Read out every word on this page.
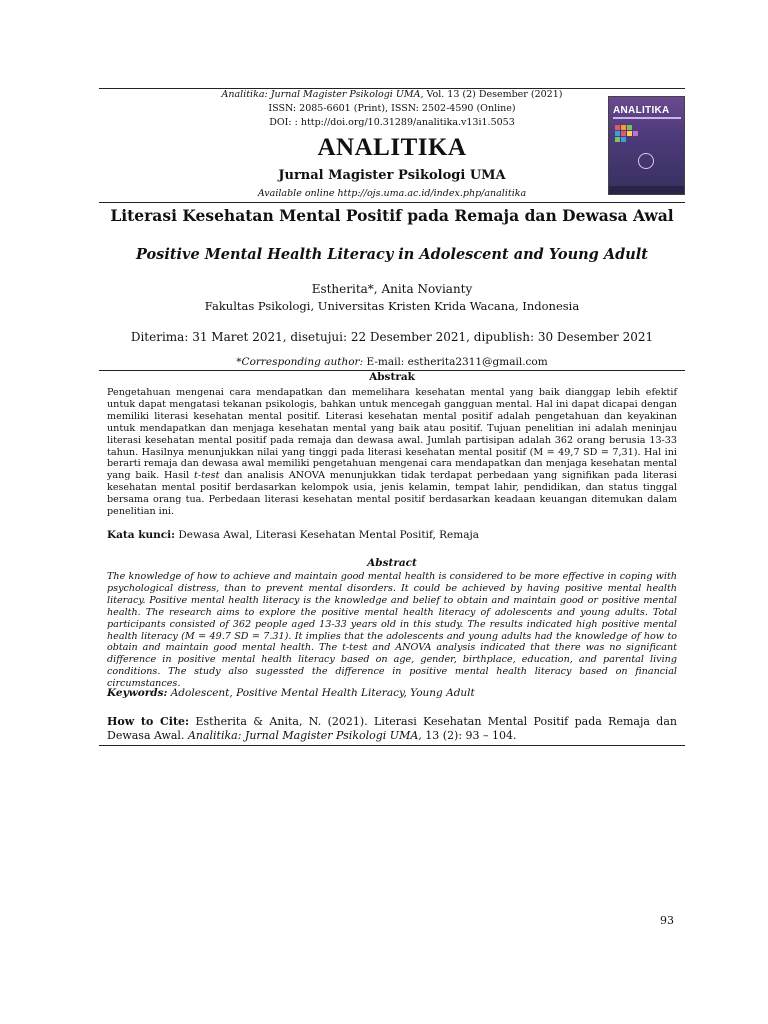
Analitika: Jurnal Magister Psikologi UMA, Vol. 13 (2) Desember (2021)
ISSN: 2085-6601 (Print), ISSN: 2502-4590 (Online)
DOI: : http://doi.org/10.31289/analitika.v13i1.5053
ANALITIKA
Jurnal Magister Psikologi UMA
Available online http://ojs.uma.ac.id/index.php/analitika
ANALITIKA
Literasi Kesehatan Mental Positif pada Remaja dan Dewasa Awal
Positive Mental Health Literacy in Adolescent and Young Adult
Estherita*, Anita Novianty
Fakultas Psikologi, Universitas Kristen Krida Wacana, Indonesia
Diterima: 31 Maret 2021, disetujui: 22 Desember 2021, dipublish: 30 Desember 2021
*Corresponding author: E-mail: estherita2311@gmail.com
Abstrak
Pengetahuan mengenai cara mendapatkan dan memelihara kesehatan mental yang baik dianggap lebih efektif untuk dapat mengatasi tekanan psikologis, bahkan untuk mencegah gangguan mental. Hal ini dapat dicapai dengan memiliki literasi kesehatan mental positif. Literasi kesehatan mental positif adalah pengetahuan dan keyakinan untuk mendapatkan dan menjaga kesehatan mental yang baik atau positif. Tujuan penelitian ini adalah meninjau literasi kesehatan mental positif pada remaja dan dewasa awal. Jumlah partisipan adalah 362 orang berusia 13-33 tahun. Hasilnya menunjukkan nilai yang tinggi pada literasi kesehatan mental positif (M = 49,7 SD = 7,31). Hal ini berarti remaja dan dewasa awal memiliki pengetahuan mengenai cara mendapatkan dan menjaga kesehatan mental yang baik. Hasil t-test dan analisis ANOVA menunjukkan tidak terdapat perbedaan yang signifikan pada literasi kesehatan mental positif berdasarkan kelompok usia, jenis kelamin, tempat lahir, pendidikan, dan status tinggal bersama orang tua. Perbedaan literasi kesehatan mental positif berdasarkan keadaan keuangan ditemukan dalam penelitian ini.
Kata kunci: Dewasa Awal, Literasi Kesehatan Mental Positif, Remaja
Abstract
The knowledge of how to achieve and maintain good mental health is considered to be more effective in coping with psychological distress, than to prevent mental disorders. It could be achieved by having positive mental health literacy. Positive mental health literacy is the knowledge and belief to obtain and maintain good or positive mental health. The research aims to explore the positive mental health literacy of adolescents and young adults. Total participants consisted of 362 people aged 13-33 years old in this study. The results indicated high positive mental health literacy (M = 49.7 SD = 7.31). It implies that the adolescents and young adults had the knowledge of how to obtain and maintain good mental health. The t-test and ANOVA analysis indicated that there was no significant difference in positive mental health literacy based on age, gender, birthplace, education, and parental living conditions. The study also sugessted the difference in positive mental health literacy based on financial circumstances.
Keywords: Adolescent, Positive Mental Health Literacy, Young Adult
How to Cite: Estherita & Anita, N. (2021). Literasi Kesehatan Mental Positif pada Remaja dan Dewasa Awal. Analitika: Jurnal Magister Psikologi UMA, 13 (2): 93 – 104.
93
